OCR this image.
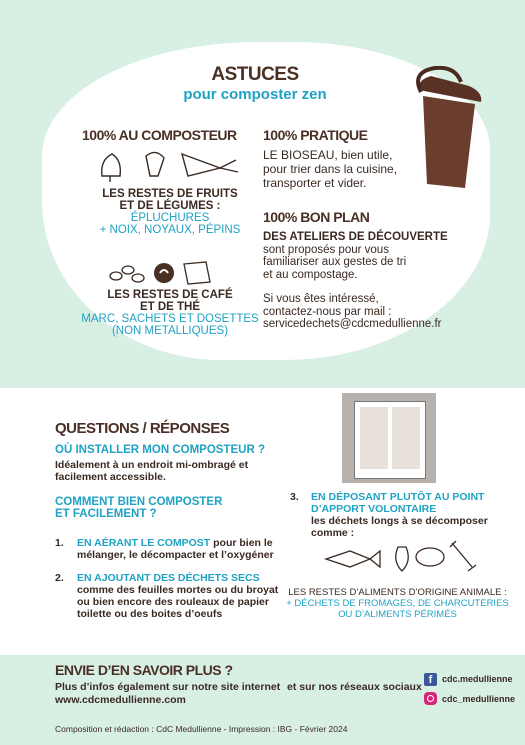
ASTUCES
pour composter zen
100% AU COMPOSTEUR
LES RESTES DE FRUITS
ET DE LÉGUMES :
ÉPLUCHURES
+ NOIX, NOYAUX, PÉPINS
LES RESTES DE CAFÉ
ET DE THÉ
MARC, SACHETS ET DOSETTES
(NON METALLIQUES)
100% PRATIQUE
LE BIOSEAU, bien utile,
pour trier dans la cuisine,
transporter et vider.
100% BON PLAN
DES ATELIERS DE DÉCOUVERTE
sont proposés pour vous
familiariser aux gestes de tri
et au compostage.
Si vous êtes intéressé,
contactez-nous par mail :
servicedechets@cdcmedullienne.fr
QUESTIONS / RÉPONSES
OÙ INSTALLER MON COMPOSTEUR ?
Idéalement à un endroit mi-ombragé et
facilement accessible.
COMMENT BIEN COMPOSTER
ET FACILEMENT ?
1. EN AÉRANT LE COMPOST pour bien le
mélanger, le décompacter et l’oxygéner
2. EN AJOUTANT DES DÉCHETS SECS
comme des feuilles mortes ou du broyat
ou bien encore des rouleaux de papier
toilette ou des boites d’oeufs
3. EN DÉPOSANT PLUTÔT AU POINT
D’APPORT VOLONTAIRE
les déchets longs à se décomposer
comme :
LES RESTES D’ALIMENTS D’ORIGINE ANIMALE :
+ DÉCHETS DE FROMAGES, DE CHARCUTERIES
OU D’ALIMENTS PÉRIMÉS
ENVIE D’EN SAVOIR PLUS ?
Plus d’infos également sur notre site internet
www.cdcmedullienne.com
et sur nos réseaux sociaux
f	cdc.medullienne
cdc_medullienne
Composition et rédaction : CdC Medullienne - Impression : IBG - Février 2024
